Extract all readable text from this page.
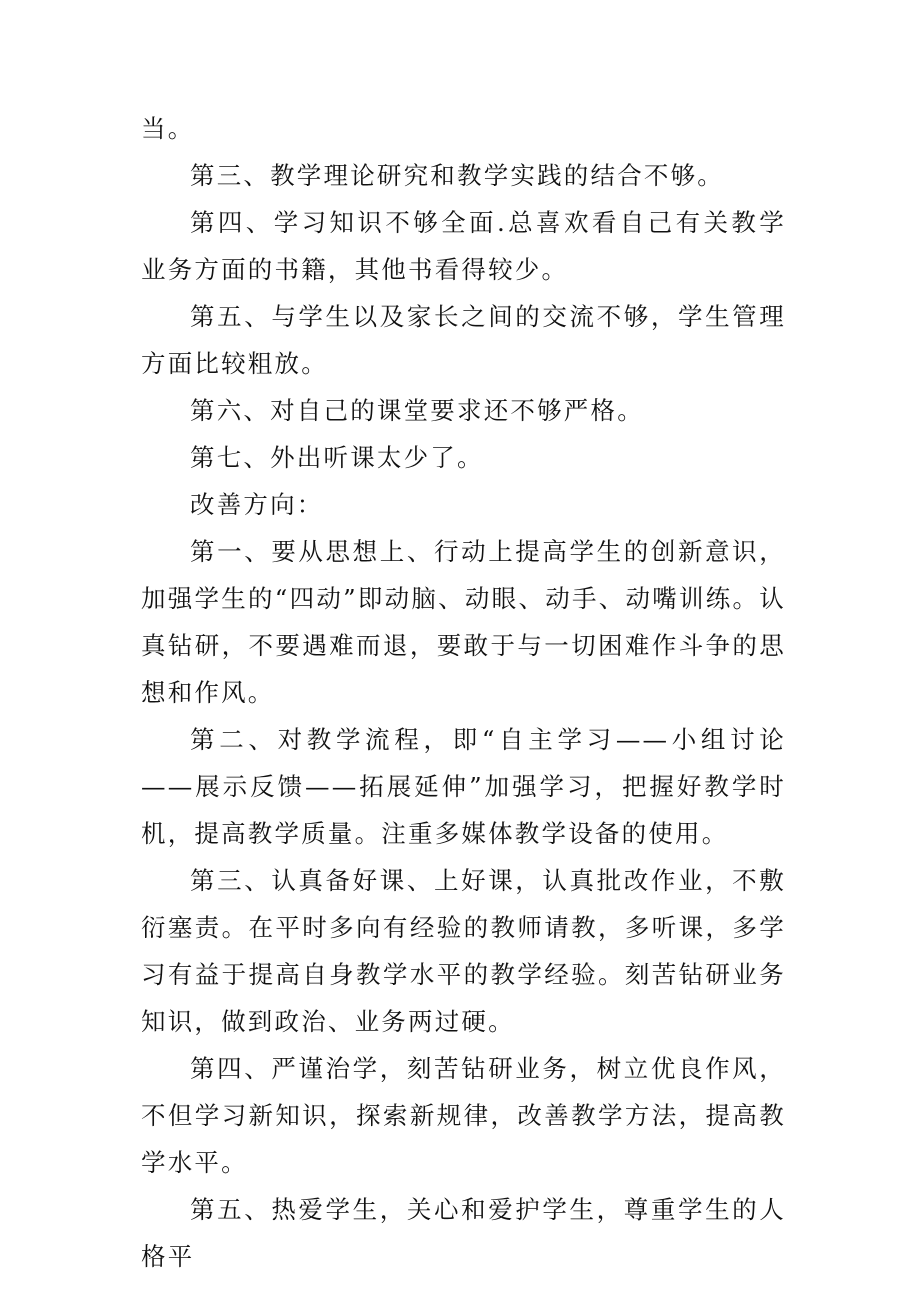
当。

第三、教学理论研究和教学实践的结合不够。

第四、学习知识不够全面.总喜欢看自己有关教学业务方面的书籍，其他书看得较少。

第五、与学生以及家长之间的交流不够，学生管理方面比较粗放。

第六、对自己的课堂要求还不够严格。

第七、外出听课太少了。

改善方向：

第一、要从思想上、行动上提高学生的创新意识，加强学生的“四动”即动脑、动眼、动手、动嘴训练。认真钻研，不要遇难而退，要敢于与一切困难作斗争的思想和作风。

第二、对教学流程，即“自主学习——小组讨论——展示反馈——拓展延伸”加强学习，把握好教学时机，提高教学质量。注重多媒体教学设备的使用。

第三、认真备好课、上好课，认真批改作业，不敷衍塞责。在平时多向有经验的教师请教，多听课，多学习有益于提高自身教学水平的教学经验。刻苦钻研业务知识，做到政治、业务两过硬。

第四、严谨治学，刻苦钻研业务，树立优良作风，不但学习新知识，探索新规律，改善教学方法，提高教学水平。

第五、热爱学生，关心和爱护学生，尊重学生的人格平
